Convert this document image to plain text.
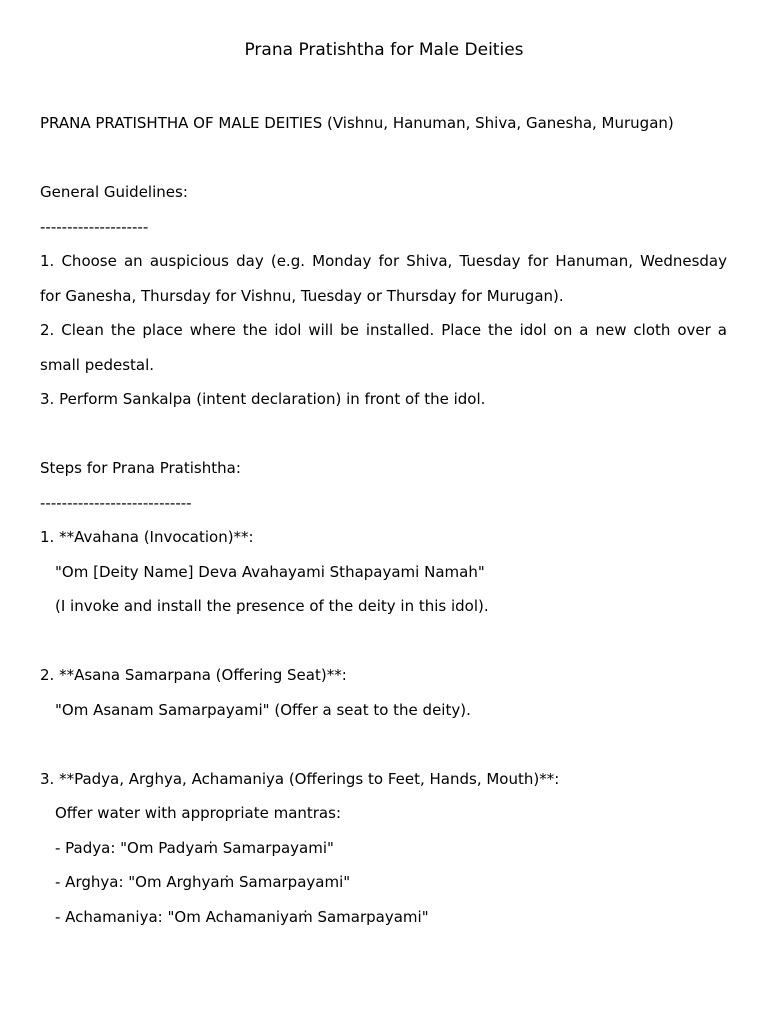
Prana Pratishtha for Male Deities
PRANA PRATISHTHA OF MALE DEITIES (Vishnu, Hanuman, Shiva, Ganesha, Murugan)
General Guidelines:
--------------------
1. Choose an auspicious day (e.g. Monday for Shiva, Tuesday for Hanuman, Wednesday
for Ganesha, Thursday for Vishnu, Tuesday or Thursday for Murugan).
2. Clean the place where the idol will be installed. Place the idol on a new cloth over a
small pedestal.
3. Perform Sankalpa (intent declaration) in front of the idol.
Steps for Prana Pratishtha:
----------------------------
1. **Avahana (Invocation)**:
"Om [Deity Name] Deva Avahayami Sthapayami Namah"
(I invoke and install the presence of the deity in this idol).
2. **Asana Samarpana (Offering Seat)**:
"Om Asanam Samarpayami" (Offer a seat to the deity).
3. **Padya, Arghya, Achamaniya (Offerings to Feet, Hands, Mouth)**:
Offer water with appropriate mantras:
- Padya: "Om Padyaṁ Samarpayami"
- Arghya: "Om Arghyaṁ Samarpayami"
- Achamaniya: "Om Achamaniyaṁ Samarpayami"
